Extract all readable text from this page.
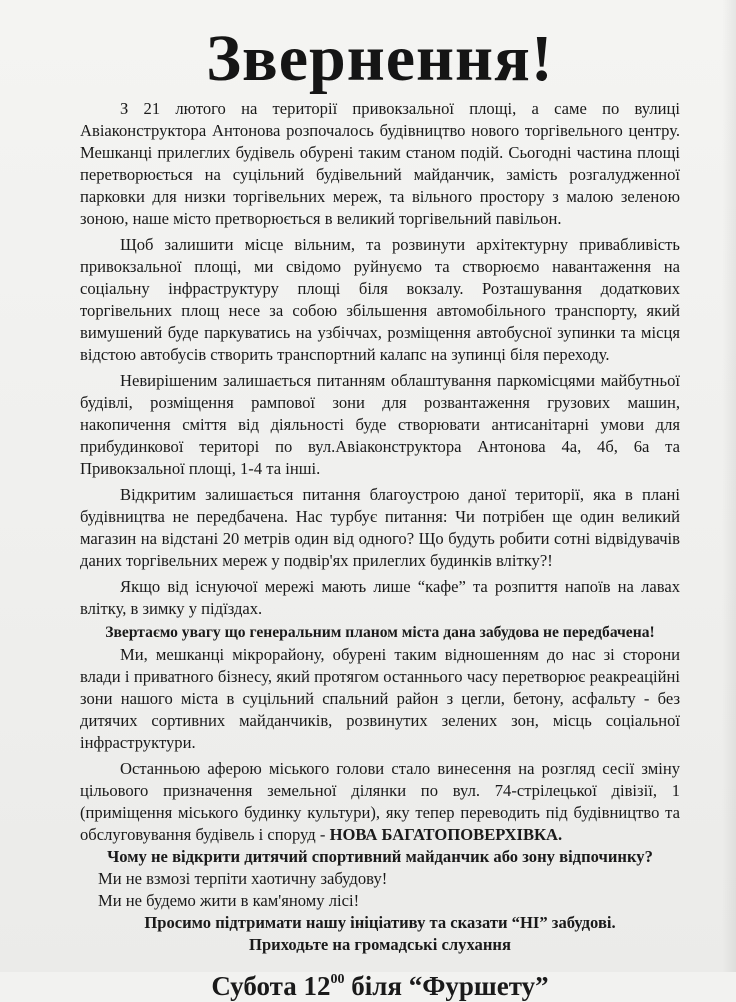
Звернення!

З 21 лютого на території привокзальної площі, а саме по вулиці Авіаконструктора Антонова розпочалось будівництво нового торгівельного центру. Мешканці прилеглих будівель обурені таким станом подій. Сьогодні частина площі перетворюється на суцільний будівельний майданчик, замість розгалудженної парковки для низки торгівельних мереж, та вільного простору з малою зеленою зоною, наше місто претворюється в великий торгівельний павільон.

Щоб залишити місце вільним, та розвинути архітектурну привабливість привокзальної площі, ми свідомо руйнуємо та створюємо навантаження на соціальну інфраструктуру площі біля вокзалу. Розташування додаткових торгівельних площ несе за собою збільшення автомобільного транспорту, який вимушений буде паркуватись на узбіччах, розміщення автобусної зупинки та місця відстою автобусів створить транспортний калапс на зупинці біля переходу.

Невирішеним залишається питанням облаштування паркомісцями майбутньої будівлі, розміщення рампової зони для розвантаження грузових машин, накопичення сміття від діяльності буде створювати антисанітарні умови для прибудинкової територі по вул.Авіаконструктора Антонова 4а, 4б, 6а та Привокзальної площі, 1-4 та інші.

Відкритим залишається питання благоустрою даної території, яка в плані будівництва не передбачена. Нас турбує питання: Чи потрібен ще один великий магазин на відстані 20 метрів один від одного? Що будуть робити сотні відвідувачів даних торгівельних мереж у подвір'ях прилеглих будинків влітку?!

Якщо від існуючої мережі мають лише “кафе” та розпиття напоїв на лавах влітку, в зимку у підїздах.

Звертаємо увагу що генеральним планом міста дана забудова не передбачена!

Ми, мешканці мікрорайону, обурені таким відношенням до нас зі сторони влади і приватного бізнесу, який протягом останнього часу перетворює реакреаційні зони нашого міста в суцільний спальний район з цегли, бетону, асфальту - без дитячих сортивних майданчиків, розвинутих зелених зон, місць соціальної інфраструктури.

Останньою аферою міського голови стало винесення на розгляд сесії зміну цільового призначення земельної ділянки по вул. 74-стрілецької дівізії, 1 (приміщення міського будинку культури), яку тепер переводить під будівництво та обслуговування будівель і споруд - НОВА БАГАТОПОВЕРХІВКА.

Чому не відкрити дитячий спортивний майданчик або зону відпочинку?

Ми не взмозі терпіти хаотичну забудову!

Ми не будемо жити в кам'яному лісі!

Просимо підтримати нашу ініціативу та сказати “НІ” забудові.

Приходьте на громадські слухання

Субота $12^{00}$ біля “Фуршету”
